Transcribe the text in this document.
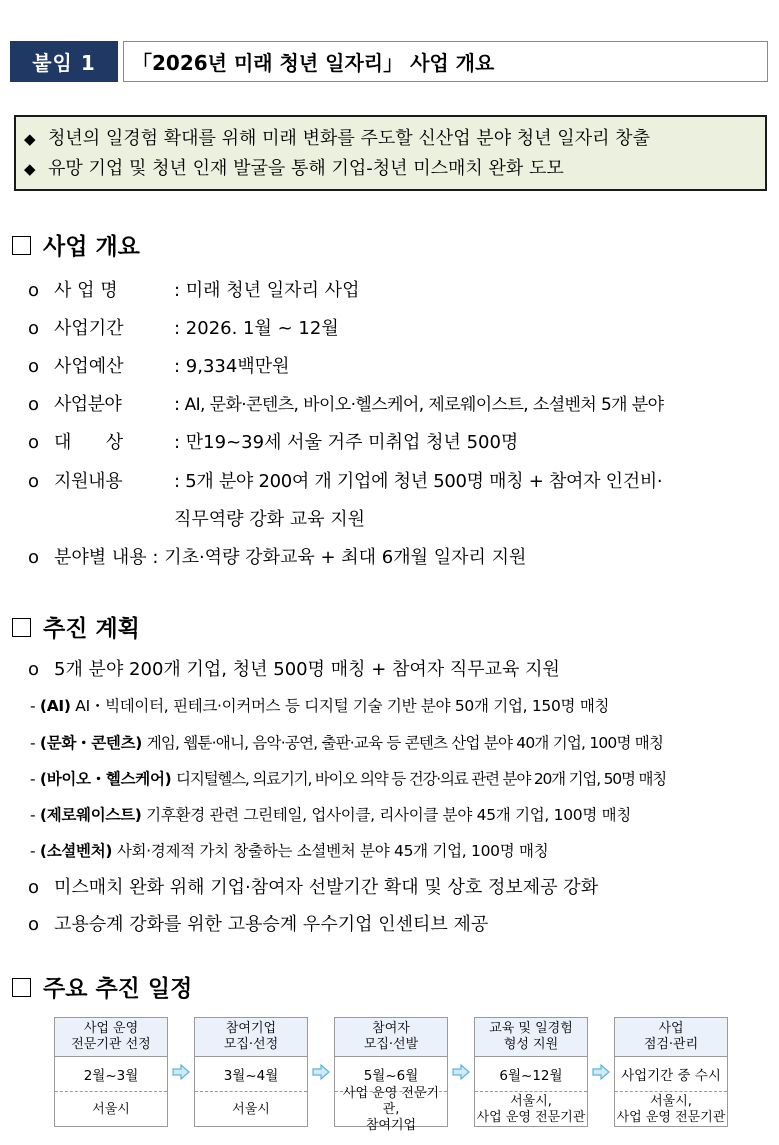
붙임 1	「2026년 미래 청년 일자리」 사업 개요
◆ 청년의 일경험 확대를 위해 미래 변화를 주도할 신산업 분야 청년 일자리 창출
◆ 유망 기업 및 청년 인재 발굴을 통해 기업-청년 미스매치 완화 도모
사업 개요
o 사 업 명	: 미래 청년 일자리 사업
o 사업기간	: 2026. 1월 ~ 12월
o 사업예산	: 9,334백만원
o 사업분야	: AI, 문화·콘텐츠, 바이오·헬스케어, 제로웨이스트, 소셜벤처 5개 분야
o 대      상	: 만19~39세 서울 거주 미취업 청년 500명
o 지원내용	: 5개 분야 200여 개 기업에 청년 500명 매칭 + 참여자 인건비·
직무역량 강화 교육 지원
o 분야별 내용 : 기초·역량 강화교육 + 최대 6개월 일자리 지원
추진 계획
o 5개 분야 200개 기업, 청년 500명 매칭 + 참여자 직무교육 지원
- (AI) AI・빅데이터, 핀테크·이커머스 등 디지털 기술 기반 분야 50개 기업, 150명 매칭
- (문화・콘텐츠) 게임, 웹툰·애니, 음악·공연, 출판·교육 등 콘텐츠 산업 분야 40개 기업, 100명 매칭
- (바이오・헬스케어) 디지털헬스, 의료기기, 바이오 의약 등 건강·의료 관련 분야 20개 기업, 50명 매칭
- (제로웨이스트) 기후환경 관련 그린테일, 업사이클, 리사이클 분야 45개 기업, 100명 매칭
- (소셜벤처) 사회·경제적 가치 창출하는 소셜벤처 분야 45개 기업, 100명 매칭
o 미스매치 완화 위해 기업·참여자 선발기간 확대 및 상호 정보제공 강화
o 고용승계 강화를 위한 고용승계 우수기업 인센티브 제공
주요 추진 일정
사업 운영
전문기관 선정
2월~3월
서울시
참여기업
모집·선정
3월~4월
서울시
참여자
모집·선발
5월~6월
사업 운영 전문기관,
참여기업
교육 및 일경험
형성 지원
6월~12월
서울시,
사업 운영 전문기관
사업
점검·관리
사업기간 중 수시
서울시,
사업 운영 전문기관
